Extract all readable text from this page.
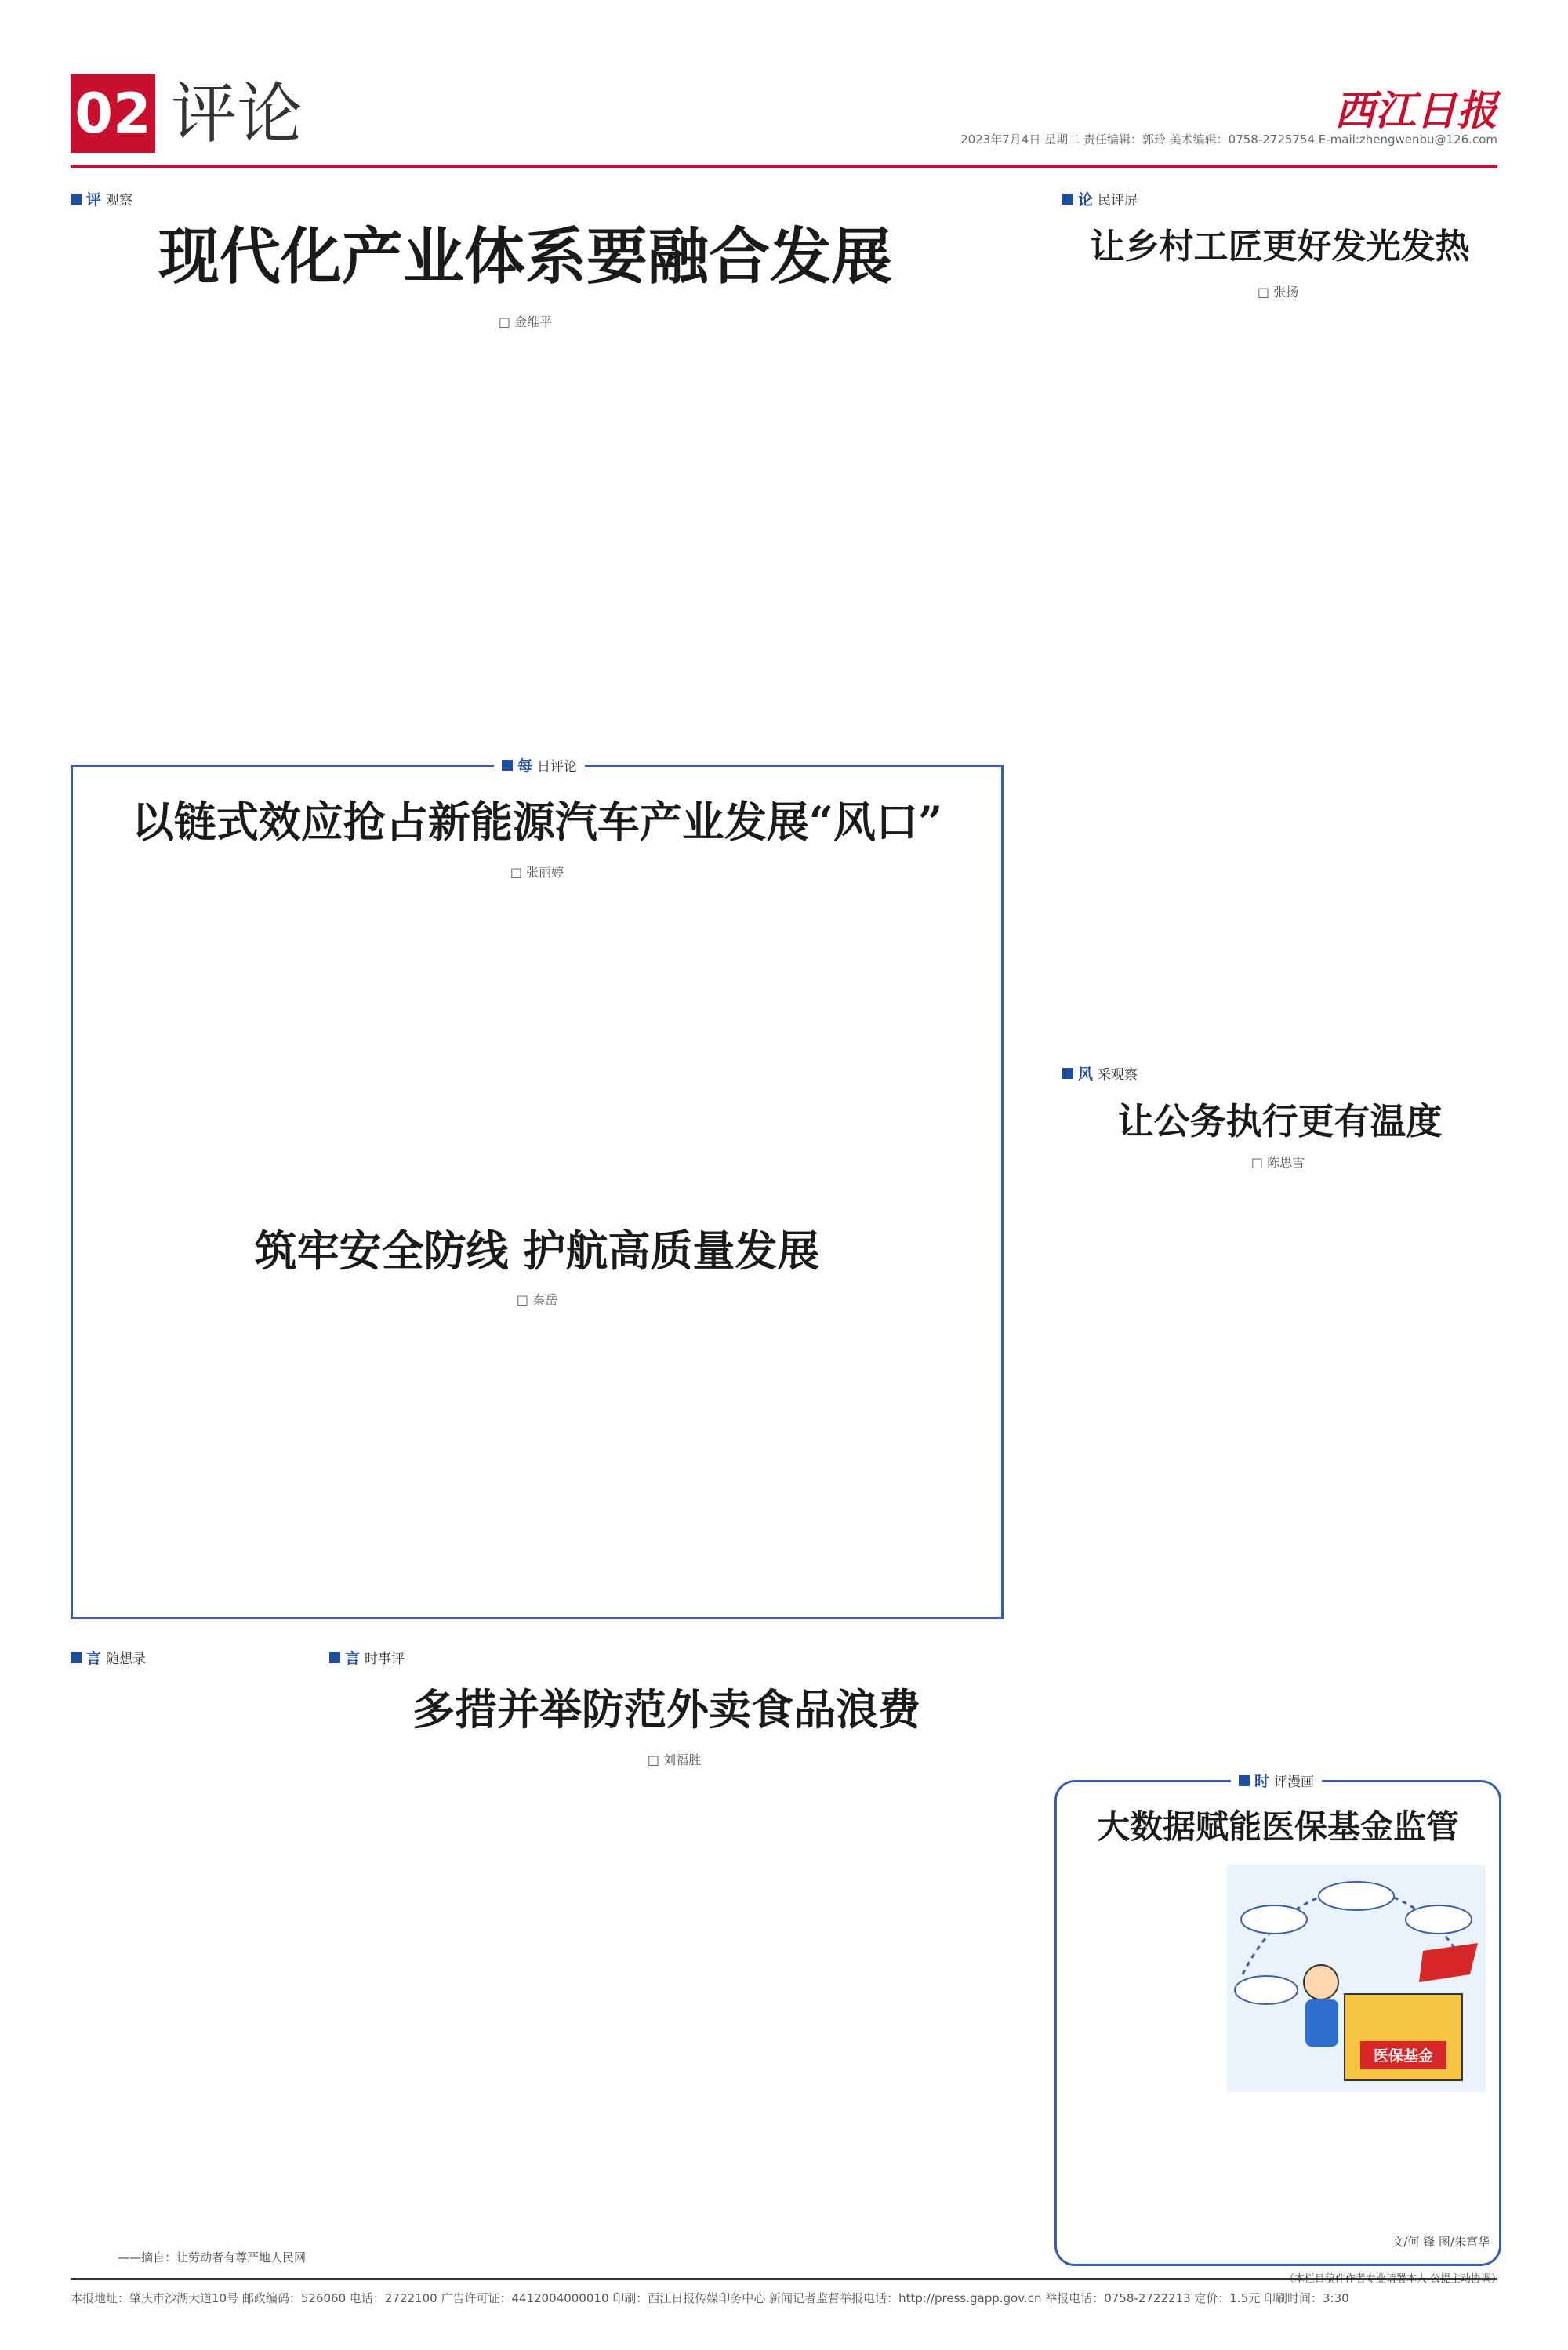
02 评论	西江日报
2023年7月4日 星期二 责任编辑：郭玲 美术编辑：0758-2725754 E-mail:zhengwenbu@126.com
评 观察
现代化产业体系要融合发展
□ 金维平
论 民评屏
让乡村工匠更好发光发热
□ 张扬
每 日评论
以链式效应抢占新能源汽车产业发展“风口”
□ 张丽婷
筑牢安全防线 护航高质量发展
□ 秦岳
风 采观察
让公务执行更有温度
□ 陈思雪
言 随想录
——摘自：让劳动者有尊严地人民网
言 时事评
多措并举防范外卖食品浪费
□ 刘福胜
时 评漫画
大数据赋能医保基金监管
医保基金
文/何 锋 图/朱富华
（本栏目稿件作者专业请署本人 公提主动协调）
本报地址：肇庆市沙湖大道10号 邮政编码：526060 电话：2722100 广告许可证：4412004000010 印刷：西江日报传媒印务中心 新闻记者监督举报电话：http://press.gapp.gov.cn 举报电话：0758-2722213 定价：1.5元 印刷时间：3:30
